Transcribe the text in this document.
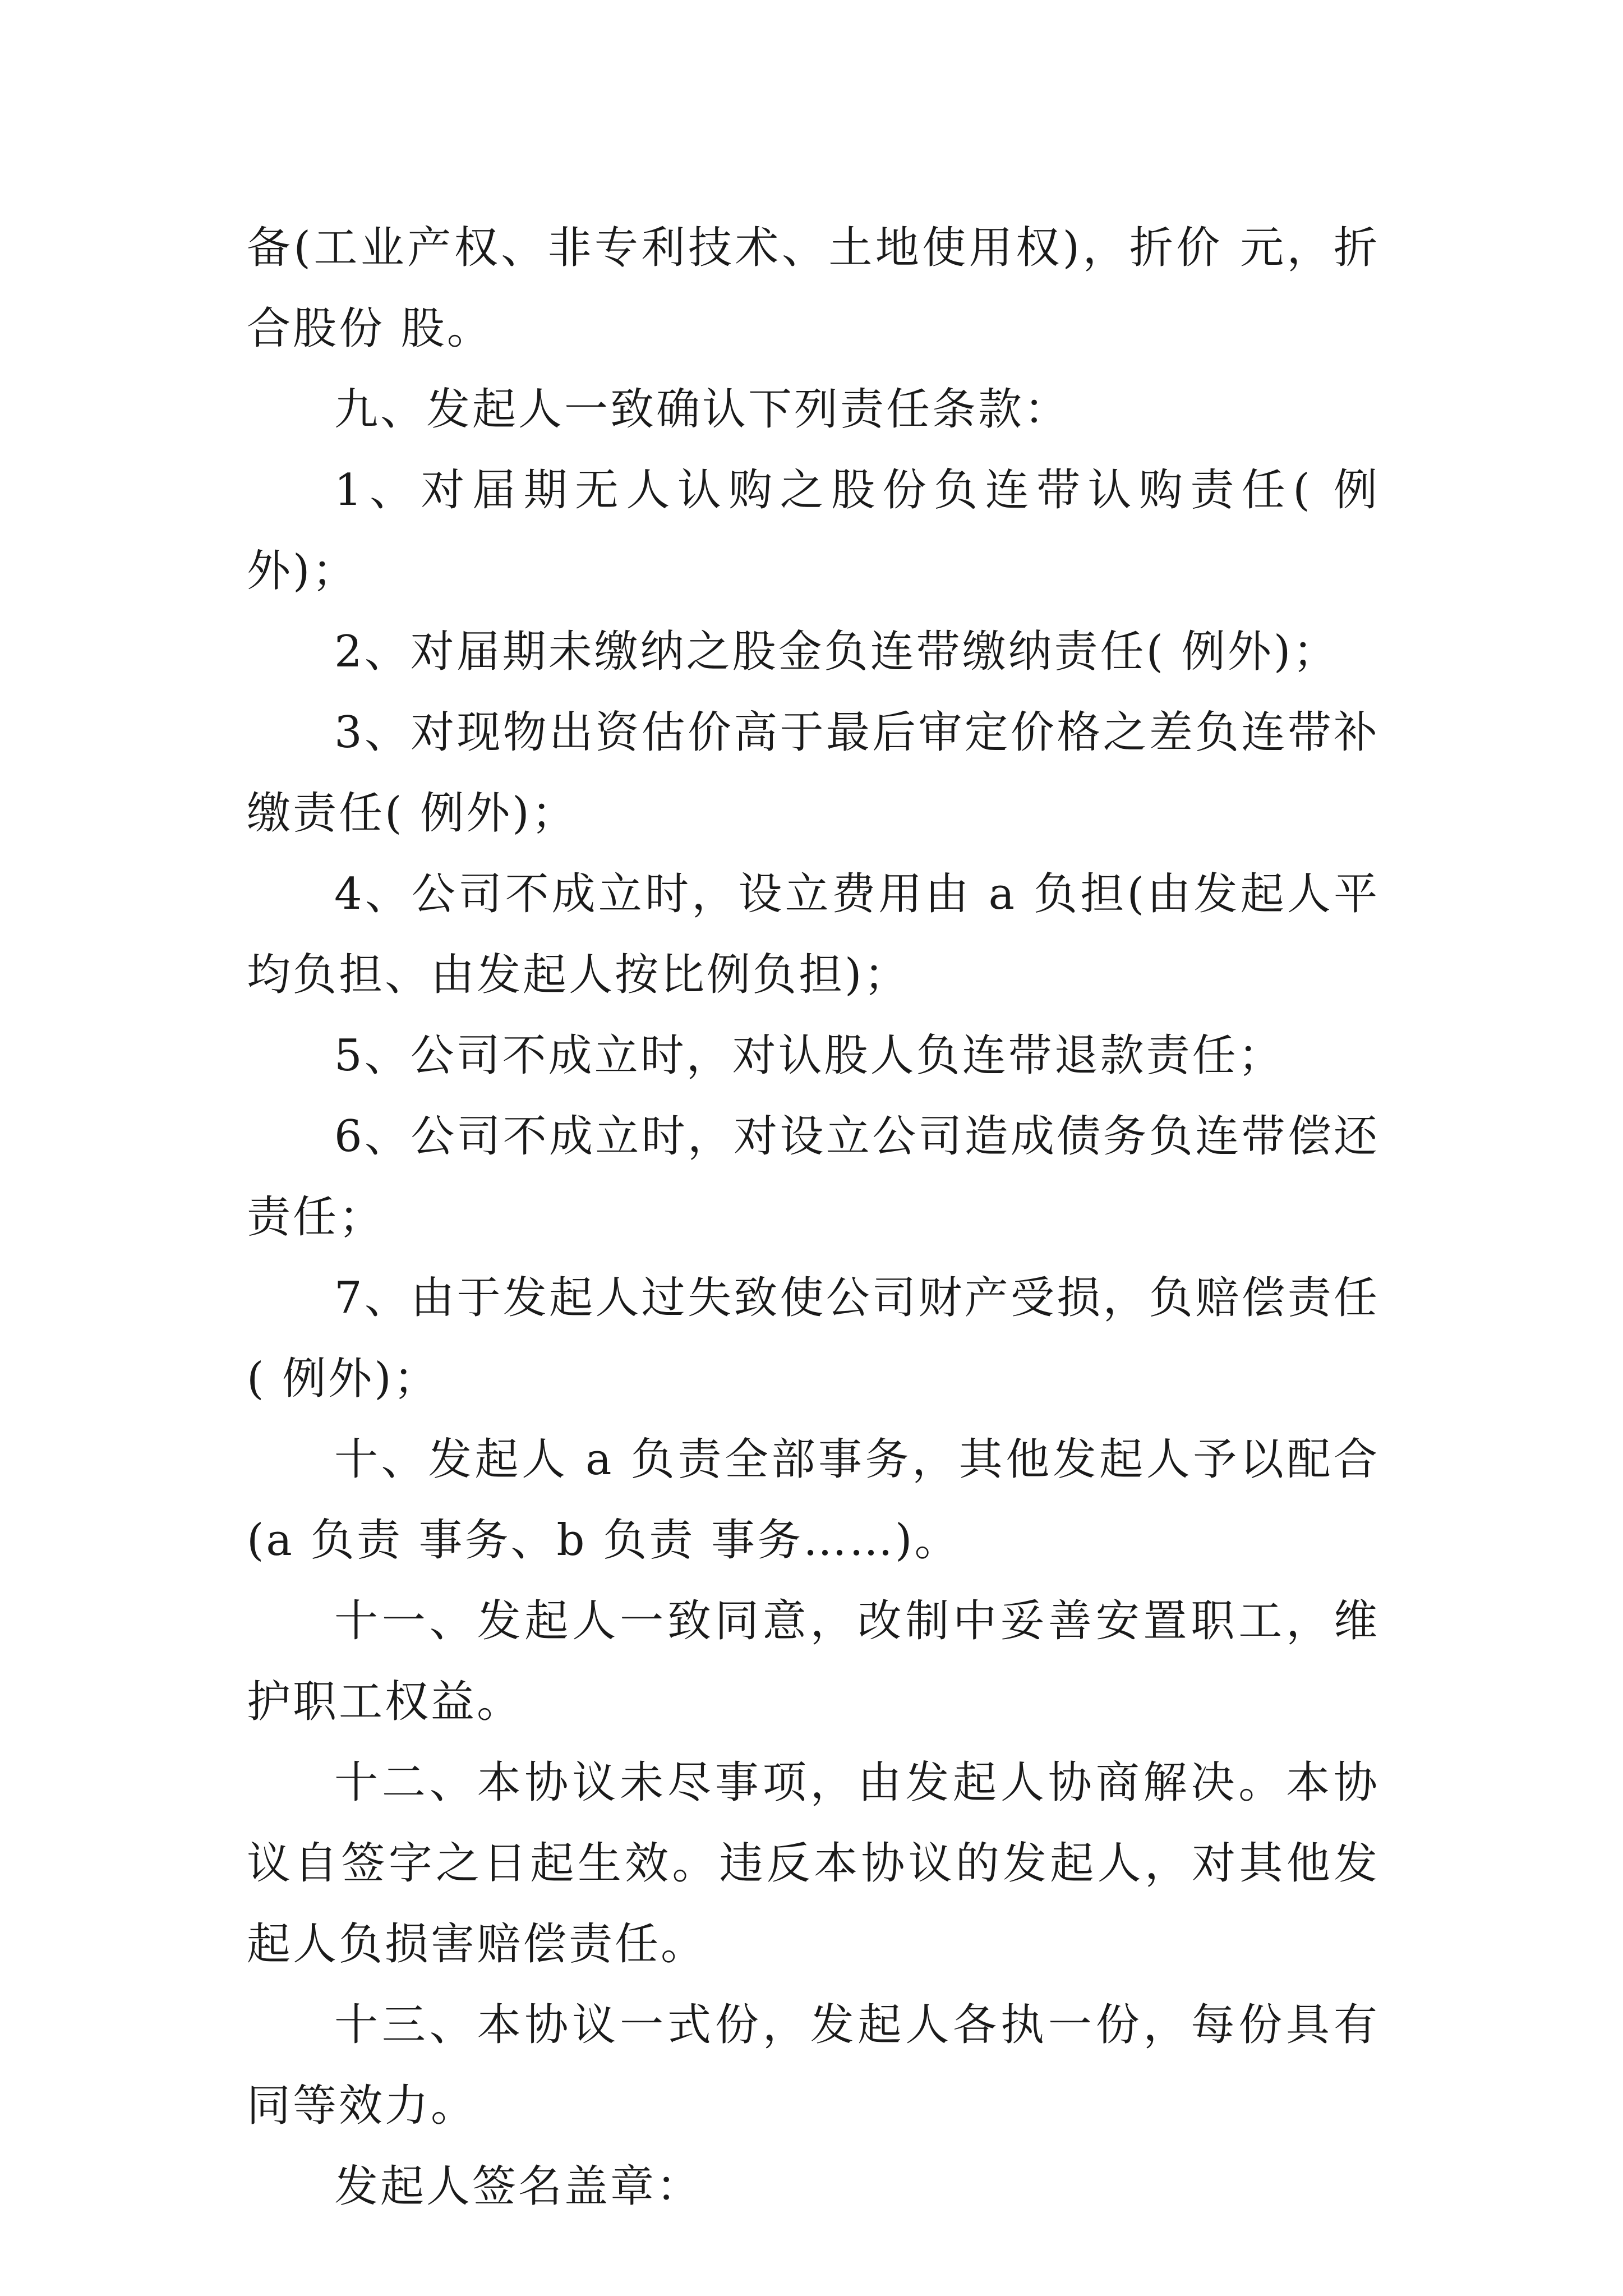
备(工业产权、非专利技术、土地使用权)，折价 元，折合股份 股。

九、发起人一致确认下列责任条款：

1、对届期无人认购之股份负连带认购责任( 例外)；

2、对届期未缴纳之股金负连带缴纳责任( 例外)；

3、对现物出资估价高于最后审定价格之差负连带补缴责任( 例外)；

4、公司不成立时，设立费用由 a 负担(由发起人平均负担、由发起人按比例负担)；

5、公司不成立时，对认股人负连带退款责任；

6、公司不成立时，对设立公司造成债务负连带偿还责任；

7、由于发起人过失致使公司财产受损，负赔偿责任( 例外)；

十、发起人 a 负责全部事务，其他发起人予以配合(a 负责 事务、b 负责 事务……)。

十一、发起人一致同意，改制中妥善安置职工，维护职工权益。

十二、本协议未尽事项，由发起人协商解决。本协议自签字之日起生效。违反本协议的发起人，对其他发起人负损害赔偿责任。

十三、本协议一式份，发起人各执一份，每份具有同等效力。

发起人签名盖章：
